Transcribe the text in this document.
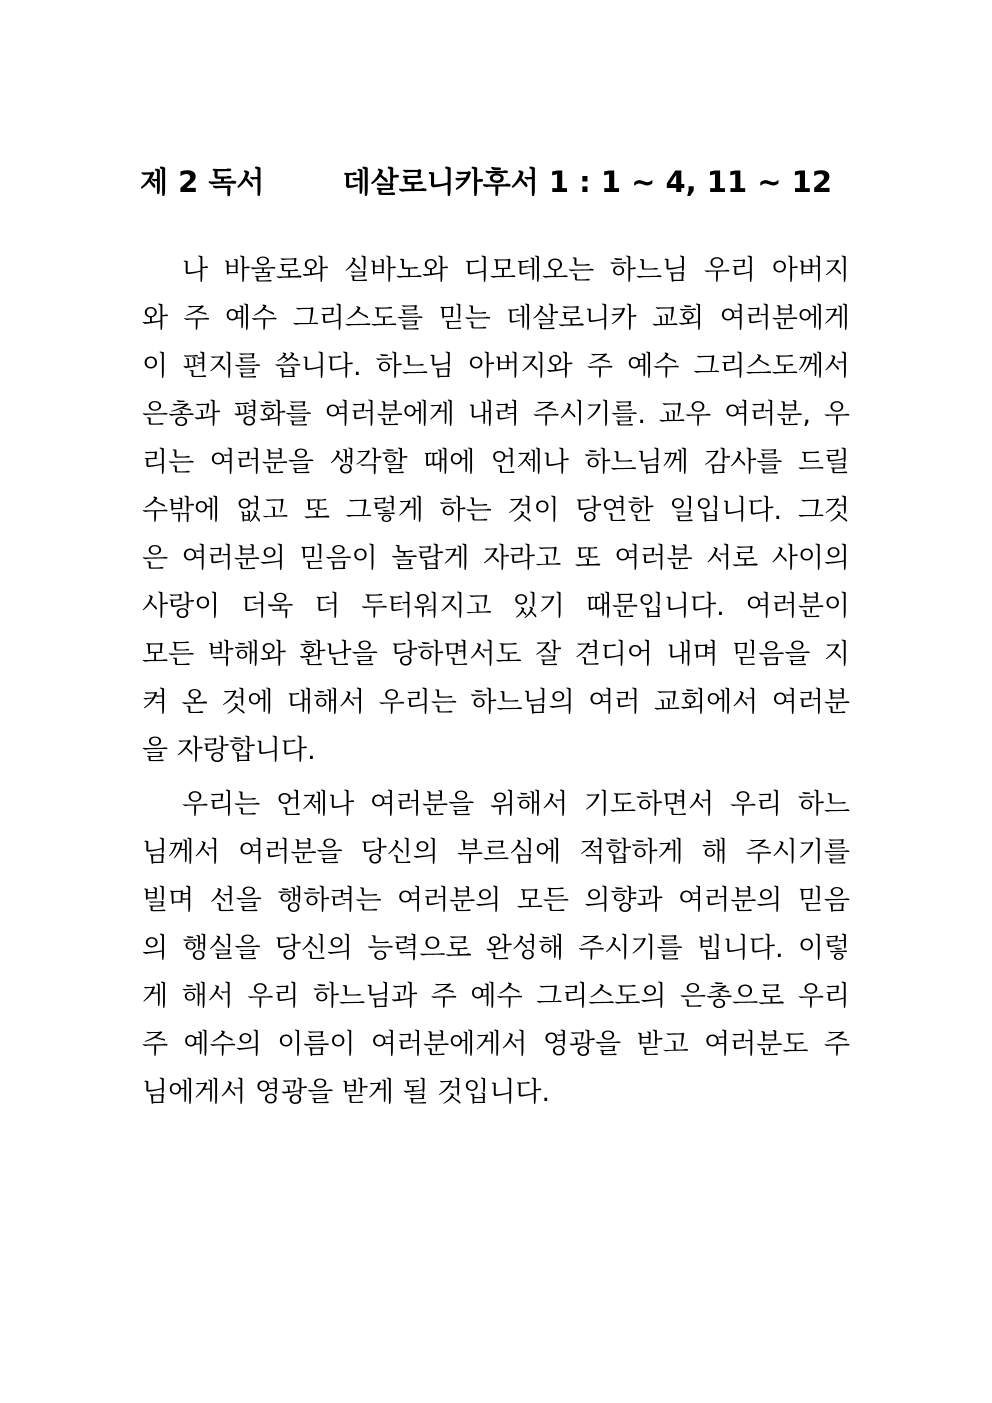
제 2 독서	데살로니카후서 1 : 1 ~ 4, 11 ~ 12
나 바울로와 실바노와 디모테오는 하느님 우리 아버지
와 주 예수 그리스도를 믿는 데살로니카 교회 여러분에게
이 편지를 씁니다. 하느님 아버지와 주 예수 그리스도께서
은총과 평화를 여러분에게 내려 주시기를. 교우 여러분, 우
리는 여러분을 생각할 때에 언제나 하느님께 감사를 드릴
수밖에 없고 또 그렇게 하는 것이 당연한 일입니다. 그것
은 여러분의 믿음이 놀랍게 자라고 또 여러분 서로 사이의
사랑이 더욱 더 두터워지고 있기 때문입니다. 여러분이
모든 박해와 환난을 당하면서도 잘 견디어 내며 믿음을 지
켜 온 것에 대해서 우리는 하느님의 여러 교회에서 여러분
을 자랑합니다.
우리는 언제나 여러분을 위해서 기도하면서 우리 하느
님께서 여러분을 당신의 부르심에 적합하게 해 주시기를
빌며 선을 행하려는 여러분의 모든 의향과 여러분의 믿음
의 행실을 당신의 능력으로 완성해 주시기를 빕니다. 이렇
게 해서 우리 하느님과 주 예수 그리스도의 은총으로 우리
주 예수의 이름이 여러분에게서 영광을 받고 여러분도 주
님에게서 영광을 받게 될 것입니다.
